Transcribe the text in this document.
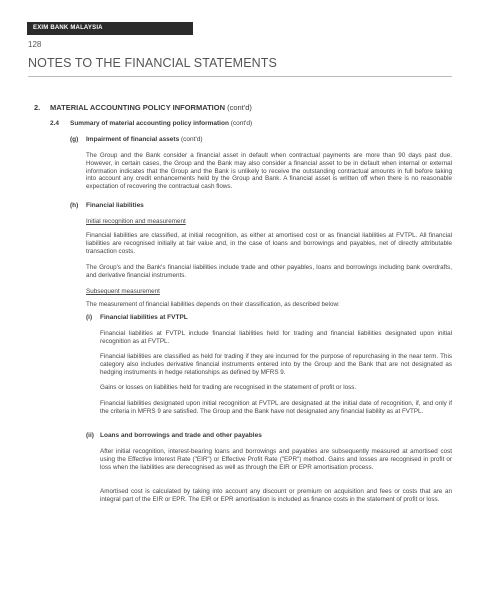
EXIM BANK MALAYSIA
128
NOTES TO THE FINANCIAL STATEMENTS
2. MATERIAL ACCOUNTING POLICY INFORMATION (cont'd)
2.4 Summary of material accounting policy information (cont'd)
(g) Impairment of financial assets (cont'd)
The Group and the Bank consider a financial asset in default when contractual payments are more than 90 days past due. However, in certain cases, the Group and the Bank may also consider a financial asset to be in default when internal or external information indicates that the Group and the Bank is unlikely to receive the outstanding contractual amounts in full before taking into account any credit enhancements held by the Group and Bank. A financial asset is written off when there is no reasonable expectation of recovering the contractual cash flows.
(h) Financial liabilities
Initial recognition and measurement
Financial liabilities are classified, at initial recognition, as either at amortised cost or as financial liabilities at FVTPL. All financial liabilities are recognised initially at fair value and, in the case of loans and borrowings and payables, net of directly attributable transaction costs.
The Group's and the Bank's financial liabilities include trade and other payables, loans and borrowings including bank overdrafts, and derivative financial instruments.
Subsequent measurement
The measurement of financial liabilities depends on their classification, as described below:
(i) Financial liabilities at FVTPL
Financial liabilities at FVTPL include financial liabilities held for trading and financial liabilities designated upon initial recognition as at FVTPL.
Financial liabilities are classified as held for trading if they are incurred for the purpose of repurchasing in the near term. This category also includes derivative financial instruments entered into by the Group and the Bank that are not designated as hedging instruments in hedge relationships as defined by MFRS 9.
Gains or losses on liabilities held for trading are recognised in the statement of profit or loss.
Financial liabilities designated upon initial recognition at FVTPL are designated at the initial date of recognition, if, and only if the criteria in MFRS 9 are satisfied. The Group and the Bank have not designated any financial liability as at FVTPL.
(ii) Loans and borrowings and trade and other payables
After initial recognition, interest-bearing loans and borrowings and payables are subsequently measured at amortised cost using the Effective Interest Rate ("EIR") or Effective Profit Rate ("EPR") method. Gains and losses are recognised in profit or loss when the liabilities are derecognised as well as through the EIR or EPR amortisation process.
Amortised cost is calculated by taking into account any discount or premium on acquisition and fees or costs that are an integral part of the EIR or EPR. The EIR or EPR amortisation is included as finance costs in the statement of profit or loss.
